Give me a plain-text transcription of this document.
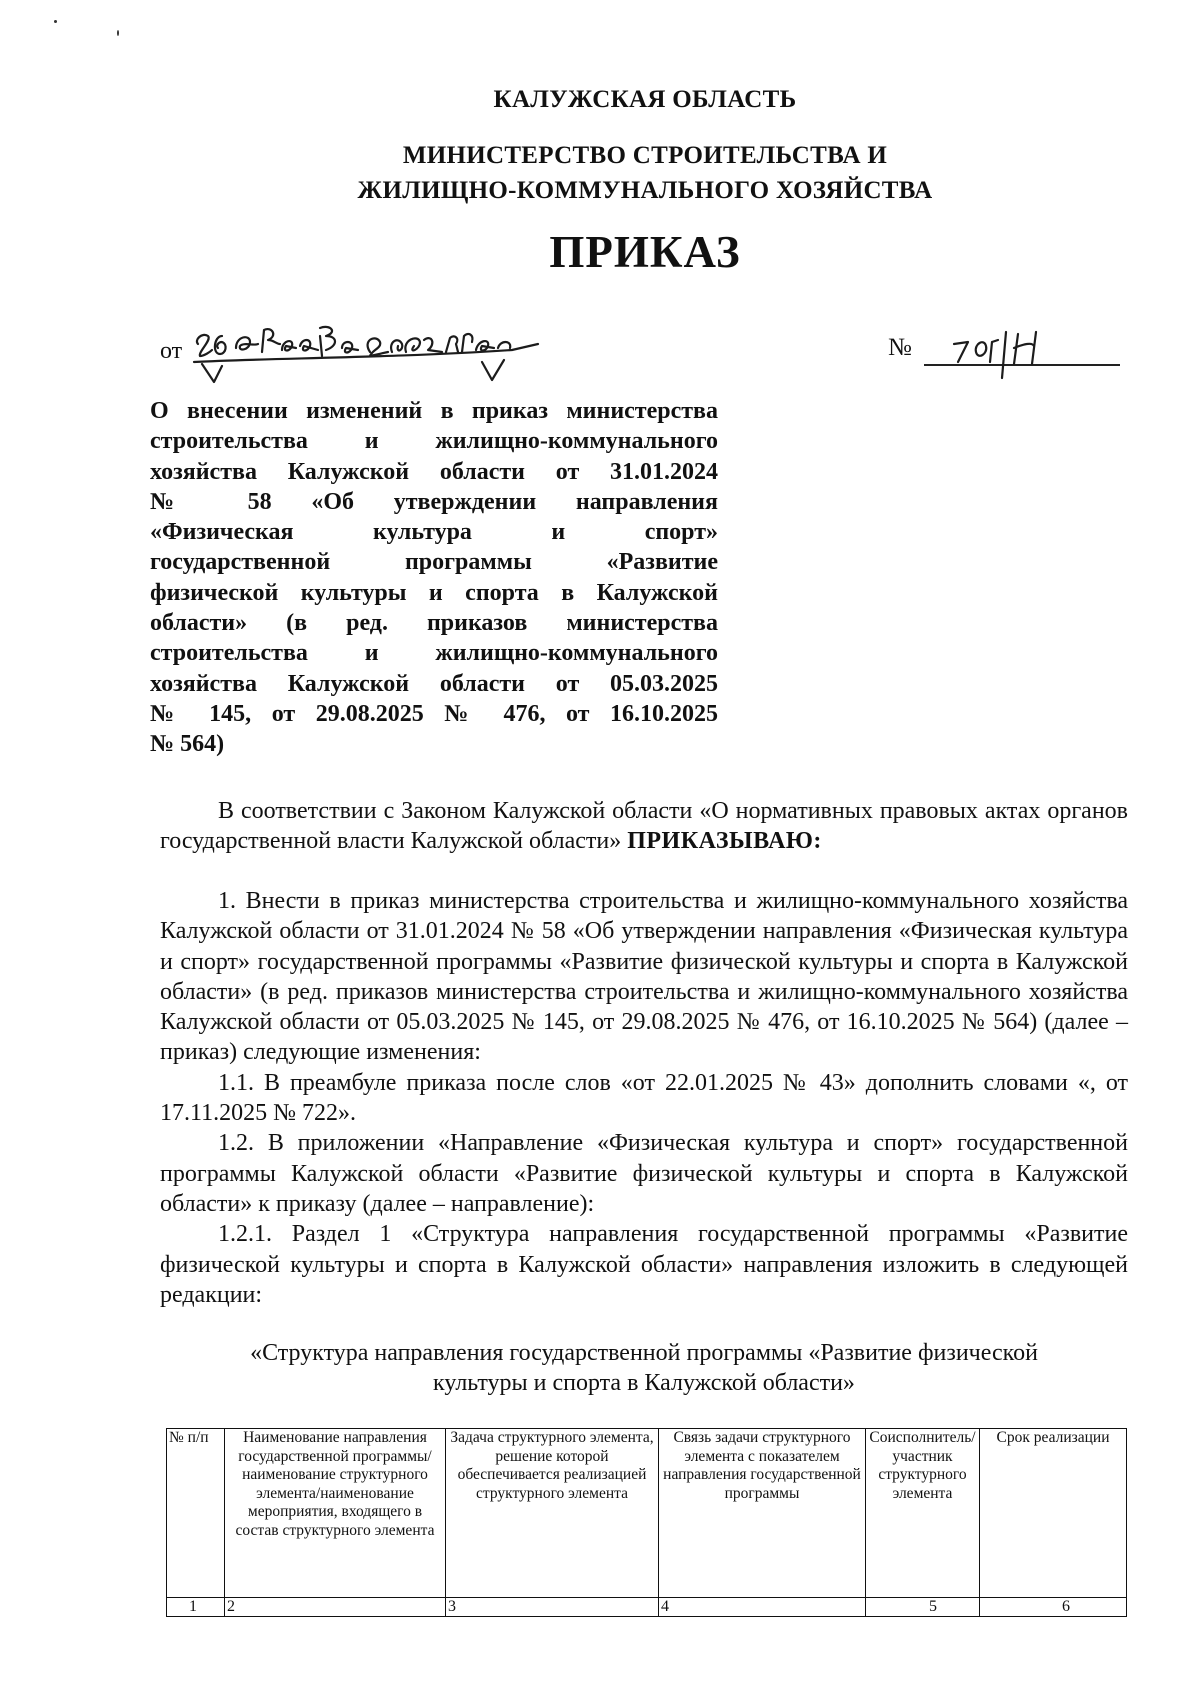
КАЛУЖСКАЯ ОБЛАСТЬ
МИНИСТЕРСТВО СТРОИТЕЛЬСТВА И
ЖИЛИЩНО-КОММУНАЛЬНОГО ХОЗЯЙСТВА
ПРИКАЗ
от	№
О внесении изменений в приказ министерства
строительства и жилищно-коммунального
хозяйства Калужской области от 31.01.2024
№ 58 «Об утверждении направления
«Физическая культура и спорт»
государственной программы «Развитие
физической культуры и спорта в Калужской
области» (в ред. приказов министерства
строительства и жилищно-коммунального
хозяйства Калужской области от 05.03.2025
№ 145, от 29.08.2025 № 476, от 16.10.2025
№ 564)
В соответствии с Законом Калужской области «О нормативных правовых актах органов государственной власти Калужской области» ПРИКАЗЫВАЮ:

1. Внести в приказ министерства строительства и жилищно-коммунального хозяйства Калужской области от 31.01.2024 № 58 «Об утверждении направления «Физическая культура и спорт» государственной программы «Развитие физической культуры и спорта в Калужской области» (в ред. приказов министерства строительства и жилищно-коммунального хозяйства Калужской области от 05.03.2025 № 145, от 29.08.2025 № 476, от 16.10.2025 № 564) (далее – приказ) следующие изменения:

1.1. В преамбуле приказа после слов «от 22.01.2025 № 43» дополнить словами «, от 17.11.2025 № 722».

1.2. В приложении «Направление «Физическая культура и спорт» государственной программы Калужской области «Развитие физической культуры и спорта в Калужской области» к приказу (далее – направление):

1.2.1. Раздел 1 «Структура направления государственной программы «Развитие физической культуры и спорта в Калужской области» направления изложить в следующей редакции:

«Структура направления государственной программы «Развитие физической
культуры и спорта в Калужской области»
№ п/п	Наименование направления государственной программы/ наименование структурного элемента/наименование мероприятия, входящего в состав структурного элемента	Задача структурного элемента, решение которой обеспечивается реализацией структурного элемента	Связь задачи структурного элемента с показателем направления государственной программы	Соисполнитель/ участник структурного элемента	Срок реализации
1	2	3	4	5	6
